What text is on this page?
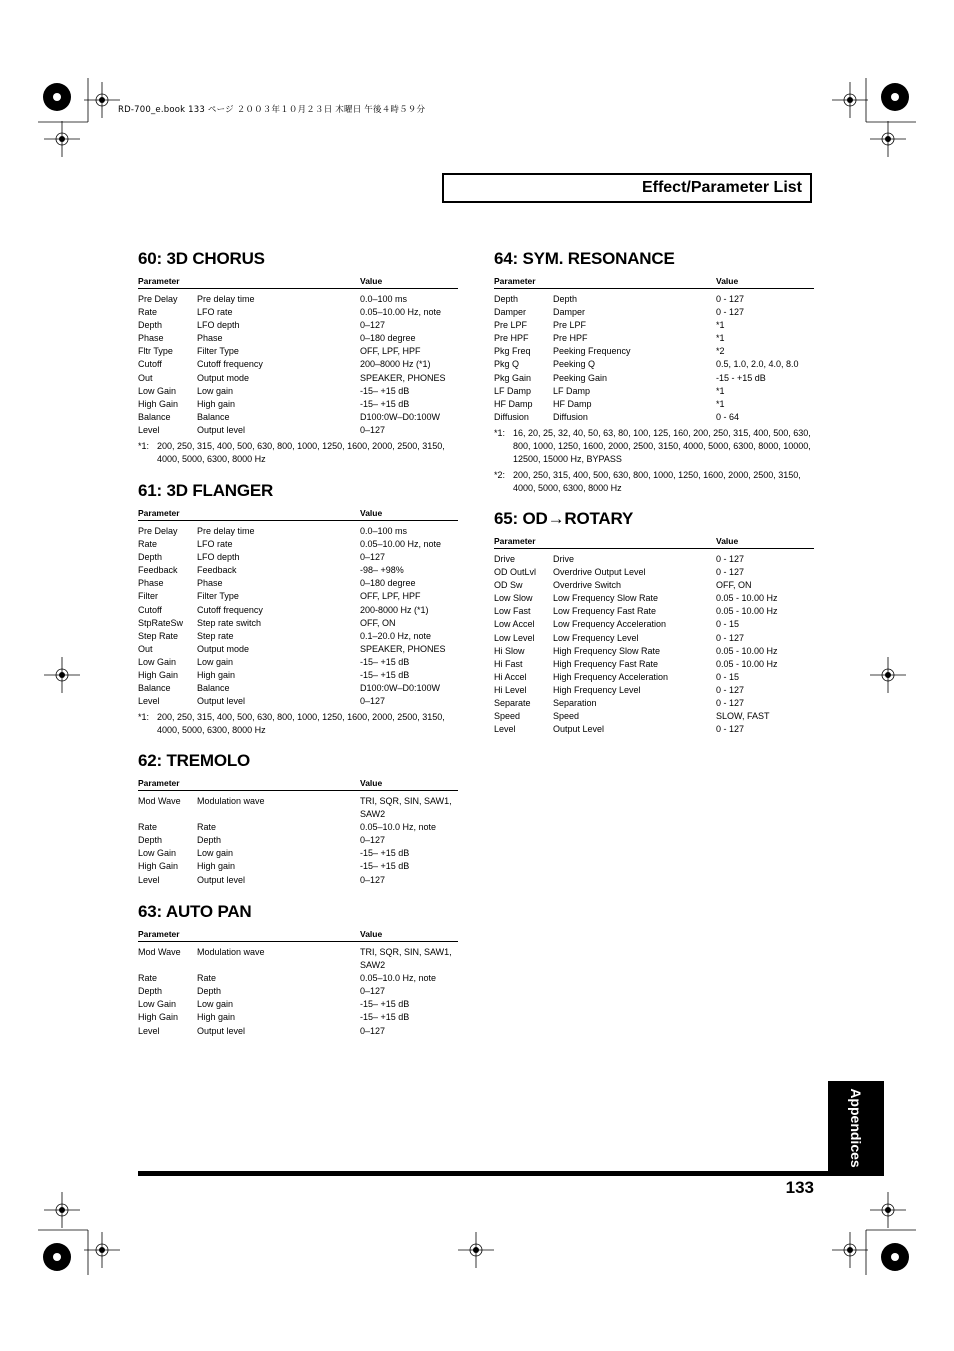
RD-700_e.book 133 ページ ２００３年１０月２３日 木曜日 午後４時５９分
Effect/Parameter List
60: 3D CHORUS
Parameter	Value
Pre Delay	Pre delay time	0.0–100 ms
Rate	LFO rate	0.05–10.00 Hz, note
Depth	LFO depth	0–127
Phase	Phase	0–180 degree
Fltr Type	Filter Type	OFF, LPF, HPF
Cutoff	Cutoff frequency	200–8000 Hz (*1)
Out	Output mode	SPEAKER, PHONES
Low Gain	Low gain	-15– +15 dB
High Gain	High gain	-15– +15 dB
Balance	Balance	D100:0W–D0:100W
Level	Output level	0–127
*1: 200, 250, 315, 400, 500, 630, 800, 1000, 1250, 1600, 2000, 2500, 3150, 4000, 5000, 6300, 8000 Hz
61: 3D FLANGER
Parameter	Value
Pre Delay	Pre delay time	0.0–100 ms
Rate	LFO rate	0.05–10.00 Hz, note
Depth	LFO depth	0–127
Feedback	Feedback	-98– +98%
Phase	Phase	0–180 degree
Filter	Filter Type	OFF, LPF, HPF
Cutoff	Cutoff frequency	200-8000 Hz (*1)
StpRateSw	Step rate switch	OFF, ON
Step Rate	Step rate	0.1–20.0 Hz, note
Out	Output mode	SPEAKER, PHONES
Low Gain	Low gain	-15– +15 dB
High Gain	High gain	-15– +15 dB
Balance	Balance	D100:0W–D0:100W
Level	Output level	0–127
*1: 200, 250, 315, 400, 500, 630, 800, 1000, 1250, 1600, 2000, 2500, 3150, 4000, 5000, 6300, 8000 Hz
62: TREMOLO
Parameter	Value
Mod Wave	Modulation wave	TRI, SQR, SIN, SAW1, SAW2
Rate	Rate	0.05–10.0 Hz, note
Depth	Depth	0–127
Low Gain	Low gain	-15– +15 dB
High Gain	High gain	-15– +15 dB
Level	Output level	0–127
63: AUTO PAN
Parameter	Value
Mod Wave	Modulation wave	TRI, SQR, SIN, SAW1, SAW2
Rate	Rate	0.05–10.0 Hz, note
Depth	Depth	0–127
Low Gain	Low gain	-15– +15 dB
High Gain	High gain	-15– +15 dB
Level	Output level	0–127
64: SYM. RESONANCE
Parameter	Value
Depth	Depth	0 - 127
Damper	Damper	0 - 127
Pre LPF	Pre LPF	*1
Pre HPF	Pre HPF	*1
Pkg Freq	Peeking Frequency	*2
Pkg Q	Peeking Q	0.5, 1.0, 2.0, 4.0, 8.0
Pkg Gain	Peeking Gain	-15 - +15 dB
LF Damp	LF Damp	*1
HF Damp	HF Damp	*1
Diffusion	Diffusion	0 - 64
*1: 16, 20, 25, 32, 40, 50, 63, 80, 100, 125, 160, 200, 250, 315, 400, 500, 630, 800, 1000, 1250, 1600, 2000, 2500, 3150, 4000, 5000, 6300, 8000, 10000, 12500, 15000 Hz, BYPASS
*2: 200, 250, 315, 400, 500, 630, 800, 1000, 1250, 1600, 2000, 2500, 3150, 4000, 5000, 6300, 8000 Hz
65: OD→ROTARY
Parameter	Value
Drive	Drive	0 - 127
OD OutLvl	Overdrive Output Level	0 - 127
OD Sw	Overdrive Switch	OFF, ON
Low Slow	Low Frequency Slow Rate	0.05 - 10.00 Hz
Low Fast	Low Frequency Fast Rate	0.05 - 10.00 Hz
Low Accel	Low Frequency Acceleration	0 - 15
Low Level	Low Frequency Level	0 - 127
Hi Slow	High Frequency Slow Rate	0.05 - 10.00 Hz
Hi Fast	High Frequency Fast Rate	0.05 - 10.00 Hz
Hi Accel	High Frequency Acceleration	0 - 15
Hi Level	High Frequency Level	0 - 127
Separate	Separation	0 - 127
Speed	Speed	SLOW, FAST
Level	Output Level	0 - 127
Appendices
133
